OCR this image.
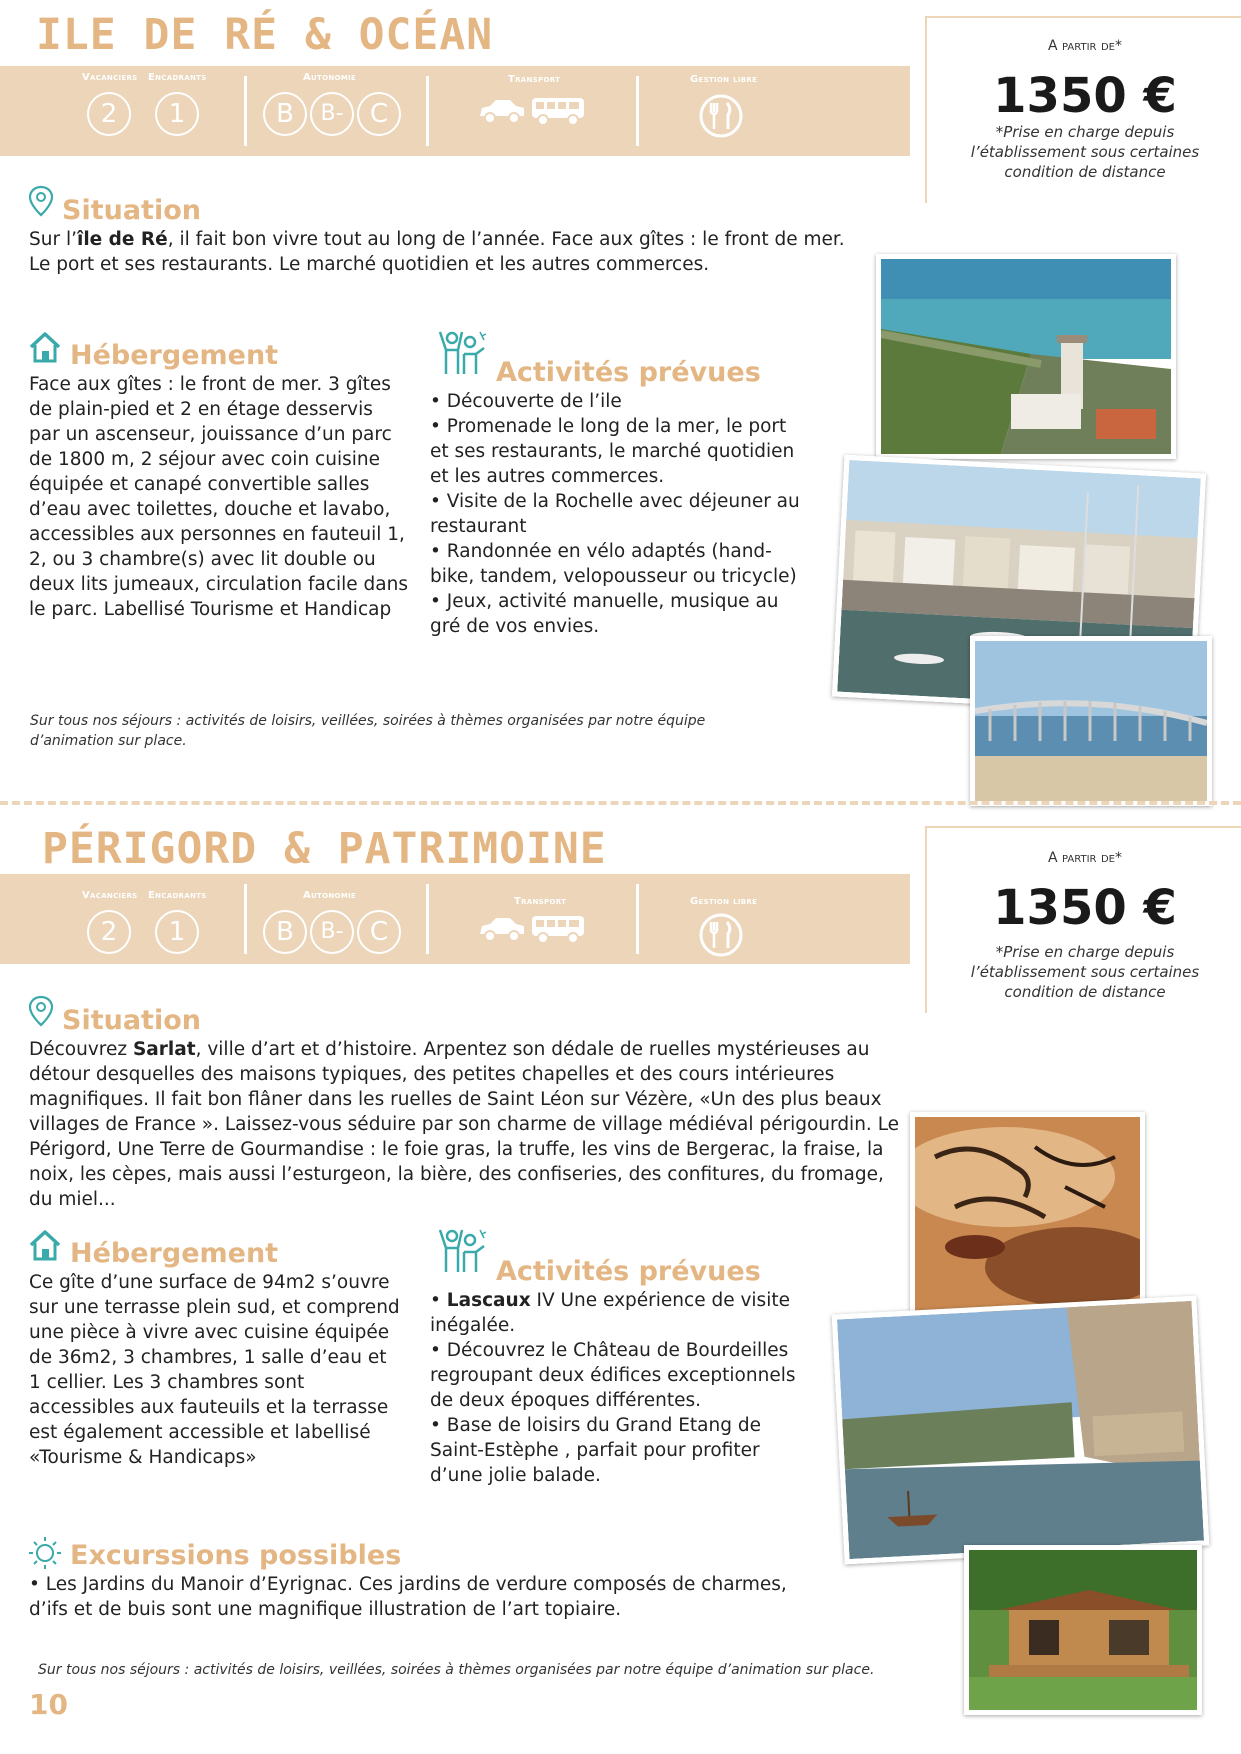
ILE DE RÉ & OCÉAN
Vacanciers Encadrants
2	1
Autonomie
B	B-	C
Transport	Gestion libre
A partir de*
1350 €
*Prise en charge depuis
l’établissement sous certaines
condition de distance
Situation
Sur l’île de Ré, il fait bon vivre tout au long de l’année. Face aux gîtes : le front de mer. Le port et ses restaurants. Le marché quotidien et les autres commerces.
Hébergement
Face aux gîtes : le front de mer. 3 gîtes de plain-pied et 2 en étage desservis par un ascenseur, jouissance d’un parc de 1800 m, 2 séjour avec coin cuisine équipée et canapé convertible salles d’eau avec toilettes, douche et lavabo, accessibles aux personnes en fauteuil 1, 2, ou 3 chambre(s) avec lit double ou deux lits jumeaux, circulation facile dans le parc. Labellisé Tourisme et Handicap
Activités prévues

• Découverte de l’ile

• Promenade le long de la mer, le port et ses restaurants, le marché quotidien et les autres commerces.

• Visite de la Rochelle avec déjeuner au restaurant

• Randonnée en vélo adaptés (hand-bike, tandem, velopousseur ou tricycle)

• Jeux, activité manuelle, musique au gré de vos envies.

Sur tous nos séjours : activités de loisirs, veillées, soirées à thèmes organisées par notre équipe
d’animation sur place.
PÉRIGORD & PATRIMOINE
Vacanciers Encadrants
2	1
Autonomie
B	B-	C
Transport	Gestion libre
A partir de*
1350 €
*Prise en charge depuis
l’établissement sous certaines
condition de distance
Situation
Découvrez Sarlat, ville d’art et d’histoire. Arpentez son dédale de ruelles mystérieuses au détour desquelles des maisons typiques, des petites chapelles et des cours intérieures magnifiques. Il fait bon flâner dans les ruelles de Saint Léon sur Vézère, «Un des plus beaux villages de France ». Laissez-vous séduire par son charme de village médiéval périgourdin. Le Périgord, Une Terre de Gourmandise : le foie gras, la truffe, les vins de Bergerac, la fraise, la noix, les cèpes, mais aussi l’esturgeon, la bière, des confiseries, des confitures, du fromage, du miel...
Hébergement
Ce gîte d’une surface de 94m2 s’ouvre sur une terrasse plein sud, et comprend une pièce à vivre avec cuisine équipée de 36m2, 3 chambres, 1 salle d’eau et 1 cellier. Les 3 chambres sont accessibles aux fauteuils et la terrasse est également accessible et labellisé «Tourisme & Handicaps»
Activités prévues

• Lascaux IV Une expérience de visite inégalée.

• Découvrez le Château de Bourdeilles regroupant deux édifices exceptionnels de deux époques différentes.

• Base de loisirs du Grand Etang de Saint-Estèphe , parfait pour profiter d’une jolie balade.

Excurssions possibles
• Les Jardins du Manoir d’Eyrignac. Ces jardins de verdure composés de charmes, d’ifs et de buis sont une magnifique illustration de l’art topiaire.
Sur tous nos séjours : activités de loisirs, veillées, soirées à thèmes organisées par notre équipe d’animation sur place.
10
